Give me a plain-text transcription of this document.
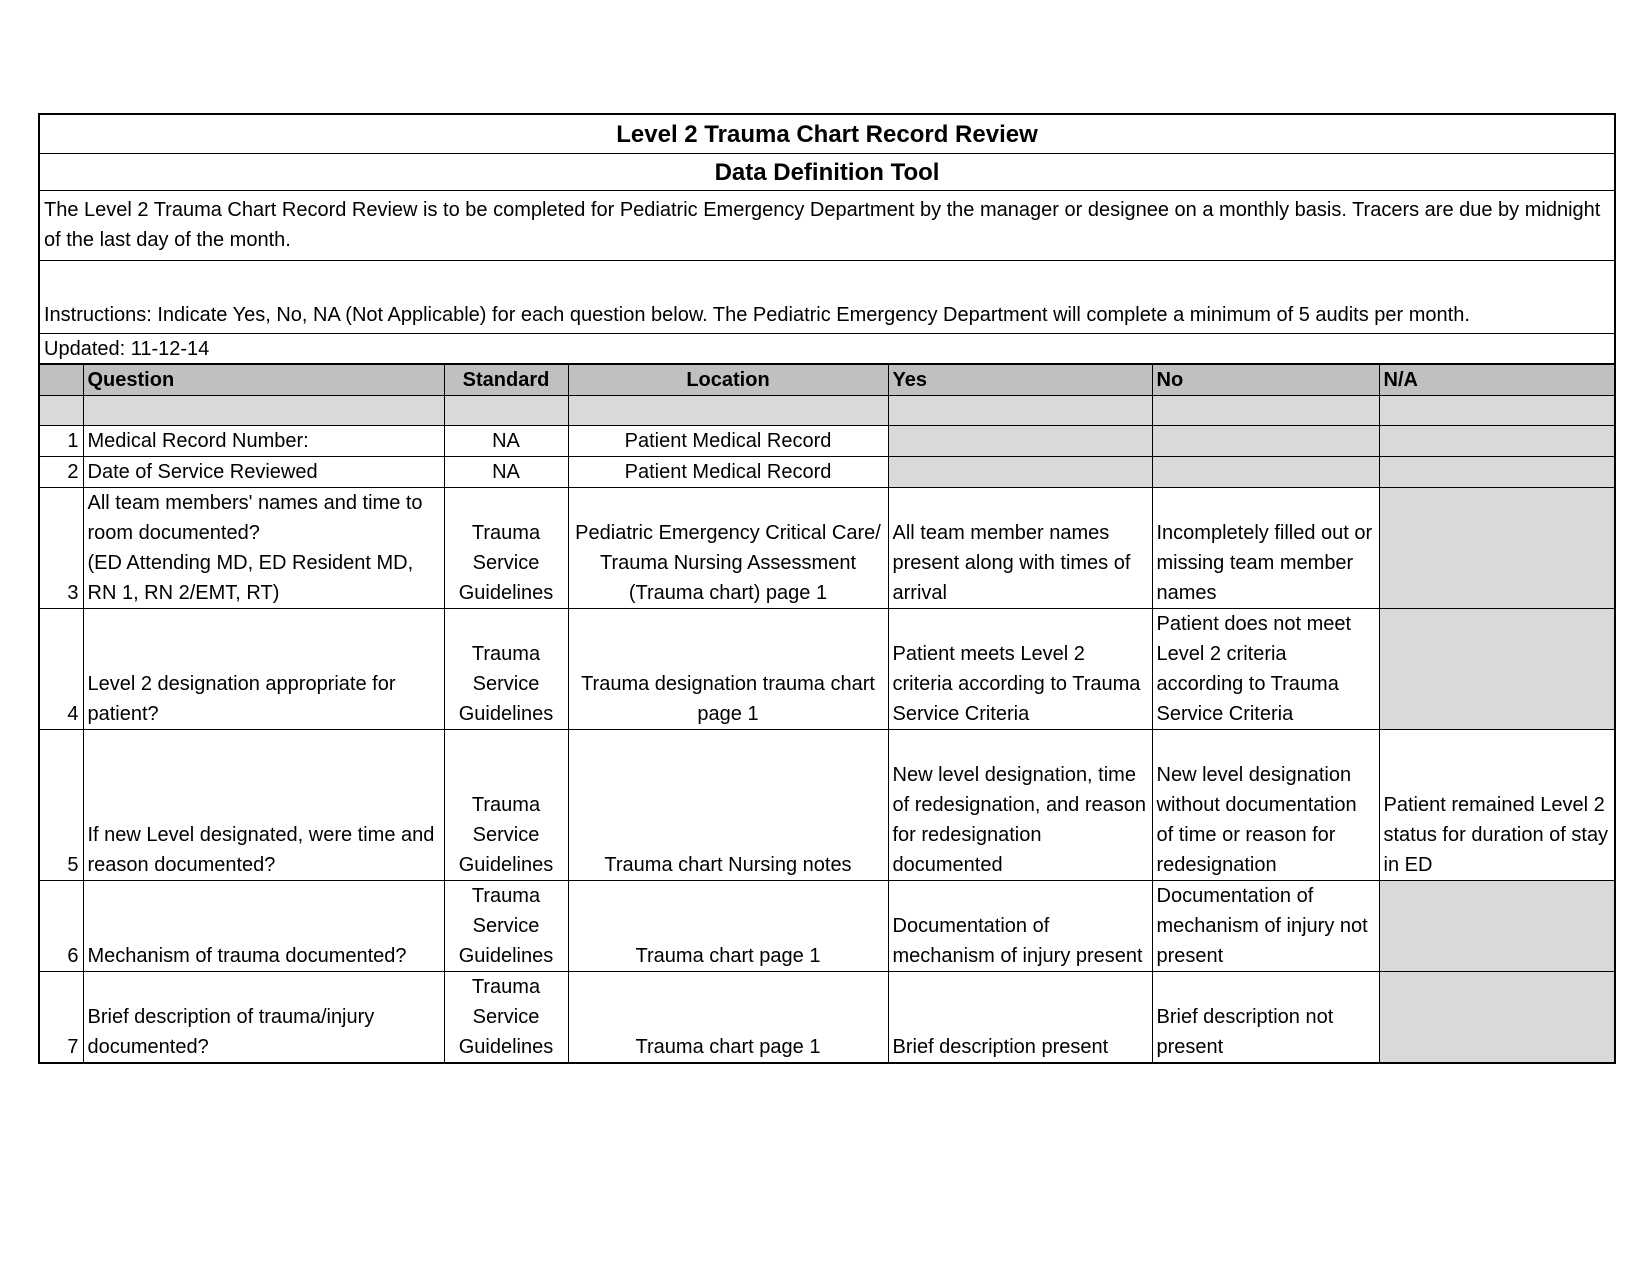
Level 2 Trauma Chart Record Review
Data Definition Tool
The Level 2 Trauma Chart Record Review is to be completed for Pediatric Emergency Department by the manager or designee on a monthly basis. Tracers are due by midnight of the last day of the month.
Instructions: Indicate Yes, No, NA (Not Applicable) for each question below. The Pediatric Emergency Department will complete a minimum of 5 audits per month.
Updated: 11-12-14
	Question	Standard	Location	Yes	No	N/A

1	Medical Record Number:	NA	Patient Medical Record			
2	Date of Service Reviewed	NA	Patient Medical Record			
3	All team members' names and time to room documented?
(ED Attending MD, ED Resident MD, RN 1, RN 2/EMT, RT)	Trauma Service Guidelines	Pediatric Emergency Critical Care/ Trauma Nursing Assessment (Trauma chart) page 1	All team member names present along with times of arrival	Incompletely filled out or missing team member names	
4	Level 2 designation appropriate for patient?	Trauma Service Guidelines	Trauma designation trauma chart page 1	Patient meets Level 2 criteria according to Trauma Service Criteria	Patient does not meet Level 2 criteria according to Trauma Service Criteria	
5	If new Level designated, were time and reason documented?	Trauma Service Guidelines	Trauma chart Nursing notes	New level designation, time of redesignation, and reason for redesignation documented	New level designation without documentation of time or reason for redesignation	Patient remained Level 2 status for duration of stay in ED
6	Mechanism of trauma documented?	Trauma Service Guidelines	Trauma chart page 1	Documentation of mechanism of injury present	Documentation of mechanism of injury not present	
7	Brief description of trauma/injury documented?	Trauma Service Guidelines	Trauma chart page 1	Brief description present	Brief description not present	
